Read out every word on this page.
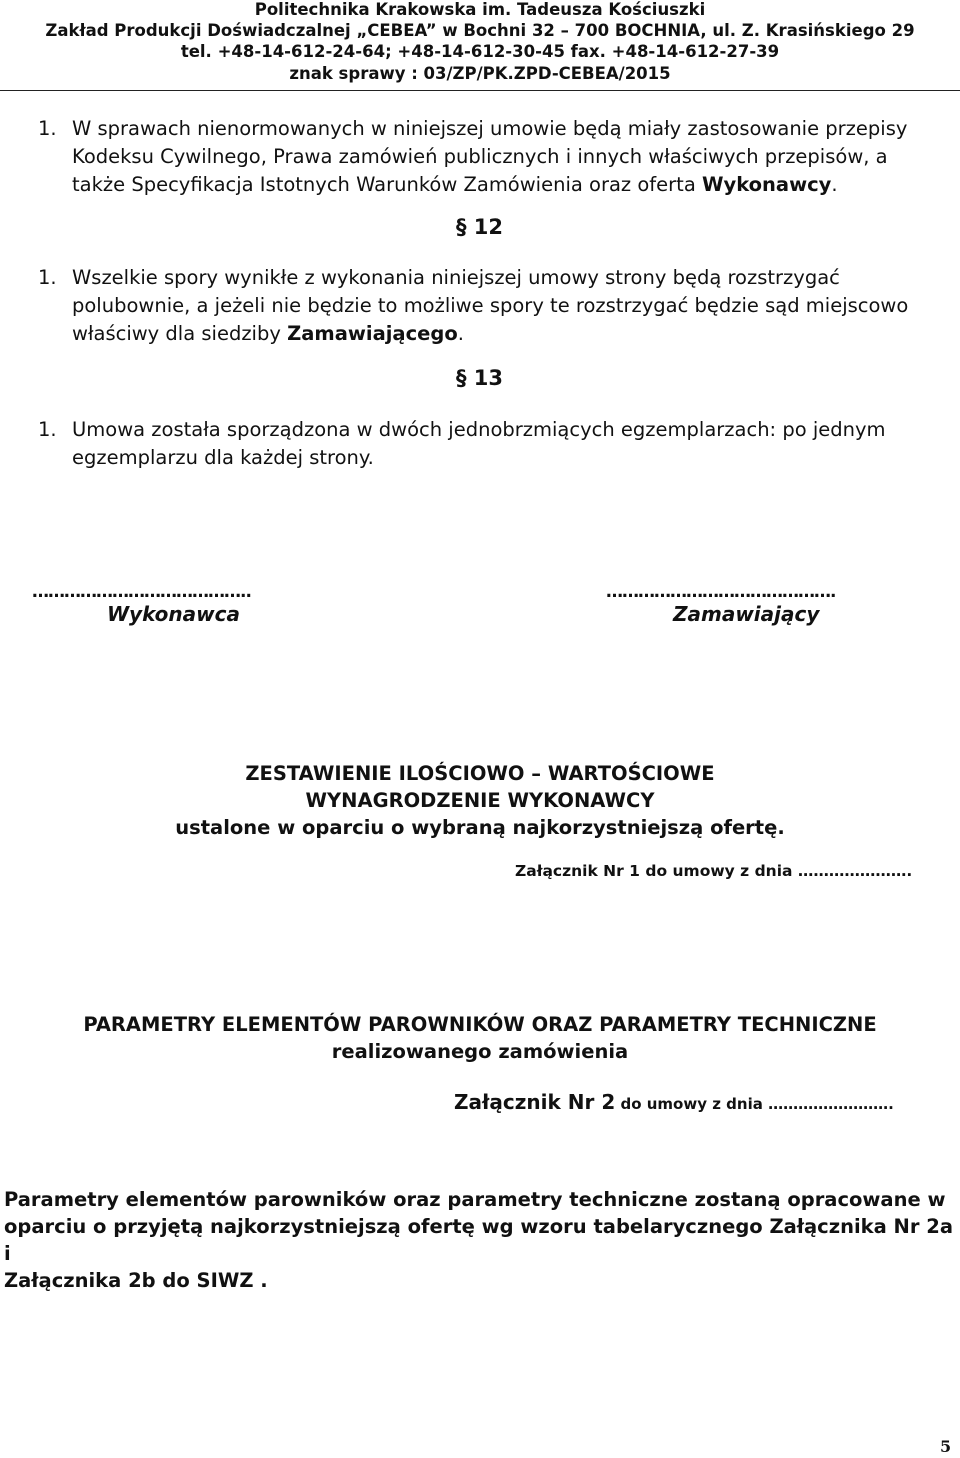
Politechnika Krakowska im. Tadeusza Kościuszki
Zakład Produkcji Doświadczalnej „CEBEA” w Bochni 32 – 700 BOCHNIA, ul. Z. Krasińskiego 29
tel. +48-14-612-24-64; +48-14-612-30-45 fax. +48-14-612-27-39
znak sprawy : 03/ZP/PK.ZPD-CEBEA/2015
1. W sprawach nienormowanych w niniejszej umowie będą miały zastosowanie przepisy
Kodeksu Cywilnego, Prawa zamówień publicznych i innych właściwych przepisów, a
także Specyfikacja Istotnych Warunków Zamówienia oraz oferta Wykonawcy.
§ 12
1. Wszelkie spory wynikłe z wykonania niniejszej umowy strony będą rozstrzygać
polubownie, a jeżeli nie będzie to możliwe spory te rozstrzygać będzie sąd miejscowo
właściwy dla siedziby Zamawiającego.
§ 13
1. Umowa została sporządzona w dwóch jednobrzmiących egzemplarzach: po jednym
egzemplarzu dla każdej strony.
…………………………………..
Wykonawca
…………………………………….
Zamawiający
ZESTAWIENIE ILOŚCIOWO – WARTOŚCIOWE
WYNAGRODZENIE WYKONAWCY
ustalone w oparciu o wybraną najkorzystniejszą ofertę.
Załącznik Nr 1 do umowy z dnia ………………….
PARAMETRY ELEMENTÓW PAROWNIKÓW ORAZ PARAMETRY TECHNICZNE
realizowanego zamówienia
Załącznik Nr 2 do umowy z dnia …………………….
Parametry elementów parowników oraz parametry techniczne zostaną opracowane w
oparciu o przyjętą najkorzystniejszą ofertę wg wzoru tabelarycznego Załącznika Nr 2a i
Załącznika 2b do SIWZ .
5
